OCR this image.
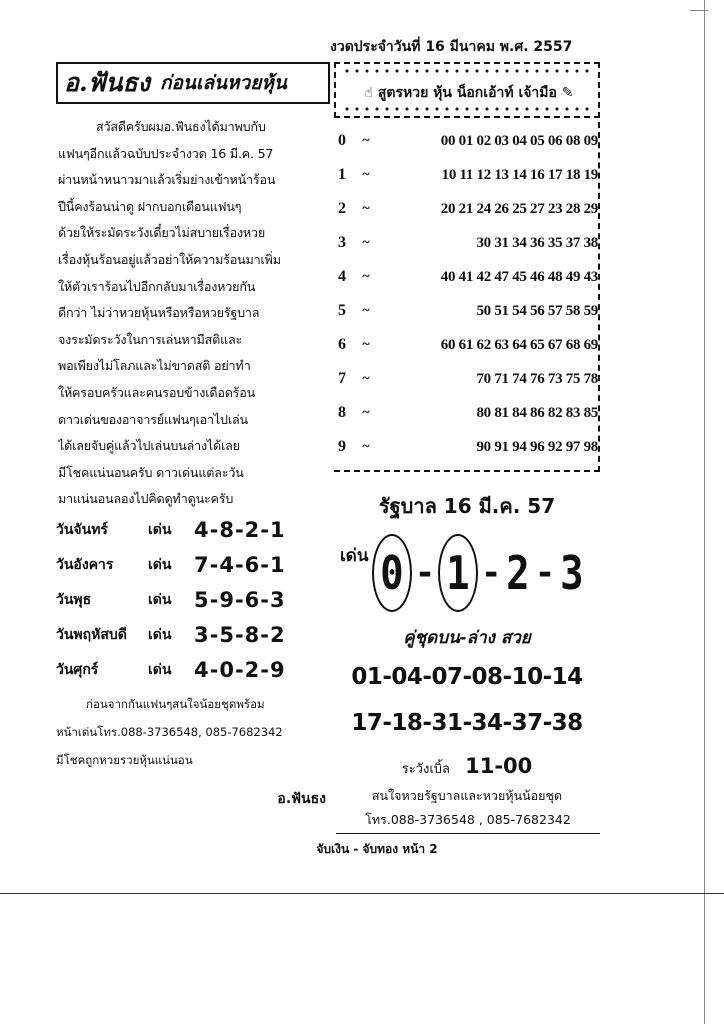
งวดประจำวันที่ 16 มีนาคม พ.ศ. 2557
อ.ฟันธง ก่อนเล่นหวยหุ้น

สวัสดีครับผมอ.ฟันธงได้มาพบกับ

แฟนๆอีกแล้วฉบับประจำงวด 16 มี.ค. 57

ผ่านหน้าหนาวมาแล้วเริ่มย่างเข้าหน้าร้อน

ปีนี้คงร้อนน่าดู ฝากบอกเตือนแฟนๆ

ด้วยให้ระมัดระวังเดี๋ยวไม่สบายเรื่องหวย

เรื่องหุ้นร้อนอยู่แล้วอย่าให้ความร้อนมาเพิ่ม

ให้ตัวเราร้อนไปอีกกลับมาเรื่องหวยกัน

ดีกว่า ไม่ว่าหวยหุ้นหรือหรือหวยรัฐบาล

จงระมัดระวังในการเล่นหามีสติและ

พอเพียงไม่โลภและไม่ขาดสติ อย่าทำ

ให้ครอบครัวและคนรอบข้างเดือดร้อน

ดาวเด่นของอาจารย์แฟนๆเอาไปเล่น

ได้เลยจับคู่แล้วไปเล่นบนล่างได้เลย

มีโชคแน่นอนครับ ดาวเด่นแต่ละวัน

มาแน่นอนลองไปคิดดูทำดูนะครับ

วันจันทร์	เด่น	4-8-2-1
วันอังคาร	เด่น	7-4-6-1
วันพุธ	เด่น	5-9-6-3
วันพฤหัสบดี	เด่น	3-5-8-2
วันศุกร์	เด่น	4-0-2-9

ก่อนจากกันแฟนๆสนใจน้อยชุดพร้อม

หน้าเด่นโทร.088-3736548, 085-7682342

มีโชคถูกหวยรวยหุ้นแน่นอน

อ.ฟันธง
☝ สูตรหวย หุ้น น็อกเอ้าท์ เจ้ามือ ✎
0	~	00 01 02 03 04 05 06 08 09
1	~	10 11 12 13 14 16 17 18 19
2	~	20 21 24 26 25 27 23 28 29
3	~	30 31 34 36 35 37 38
4	~	40 41 42 47 45 46 48 49 43
5	~	50 51 54 56 57 58 59
6	~	60 61 62 63 64 65 67 68 69
7	~	70 71 74 76 73 75 78
8	~	80 81 84 86 82 83 85
9	~	90 91 94 96 92 97 98
รัฐบาล 16 มี.ค. 57
เด่น 0 - 1 - 2 - 3
คู่ชุดบน-ล่าง สวย
01-04-07-08-10-14
17-18-31-34-37-38
ระวังเบิ้ล 11-00
สนใจหวยรัฐบาลและหวยหุ้นน้อยชุด
โทร.088-3736548 , 085-7682342
จับเงิน - จับทอง หน้า 2
